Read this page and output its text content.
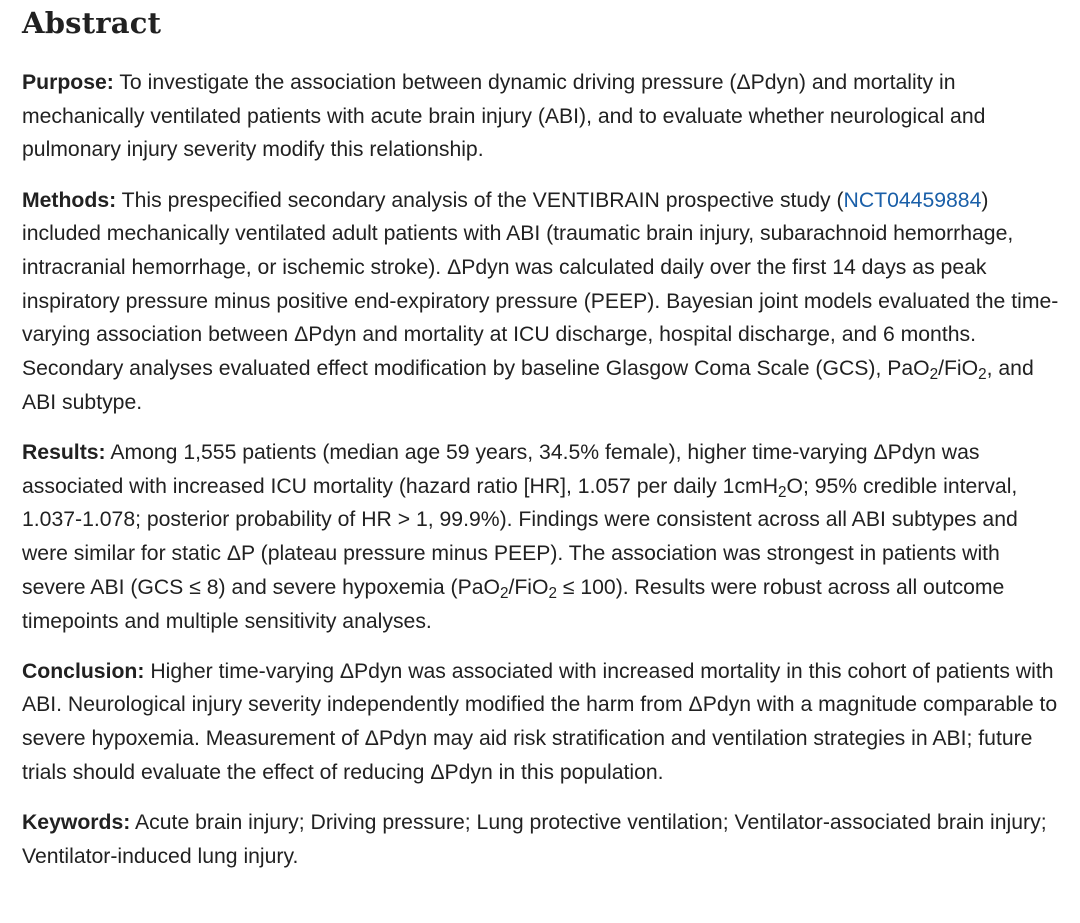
Abstract

Purpose: To investigate the association between dynamic driving pressure (ΔPdyn) and mortality in mechanically ventilated patients with acute brain injury (ABI), and to evaluate whether neurological and pulmonary injury severity modify this relationship.

Methods: This prespecified secondary analysis of the VENTIBRAIN prospective study (NCT04459884) included mechanically ventilated adult patients with ABI (traumatic brain injury, subarachnoid hemorrhage, intracranial hemorrhage, or ischemic stroke). ΔPdyn was calculated daily over the first 14 days as peak inspiratory pressure minus positive end-expiratory pressure (PEEP). Bayesian joint models evaluated the time-varying association between ΔPdyn and mortality at ICU discharge, hospital discharge, and 6 months. Secondary analyses evaluated effect modification by baseline Glasgow Coma Scale (GCS), PaO$_2$/FiO$_2$, and ABI subtype.

Results: Among 1,555 patients (median age 59 years, 34.5% female), higher time-varying ΔPdyn was associated with increased ICU mortality (hazard ratio [HR], 1.057 per daily 1cmH$_2$O; 95% credible interval, 1.037-1.078; posterior probability of HR > 1, 99.9%). Findings were consistent across all ABI subtypes and were similar for static ΔP (plateau pressure minus PEEP). The association was strongest in patients with severe ABI (GCS ≤ 8) and severe hypoxemia (PaO$_2$/FiO$_2$ ≤ 100). Results were robust across all outcome timepoints and multiple sensitivity analyses.

Conclusion: Higher time-varying ΔPdyn was associated with increased mortality in this cohort of patients with ABI. Neurological injury severity independently modified the harm from ΔPdyn with a magnitude comparable to severe hypoxemia. Measurement of ΔPdyn may aid risk stratification and ventilation strategies in ABI; future trials should evaluate the effect of reducing ΔPdyn in this population.

Keywords: Acute brain injury; Driving pressure; Lung protective ventilation; Ventilator-associated brain injury; Ventilator-induced lung injury.
